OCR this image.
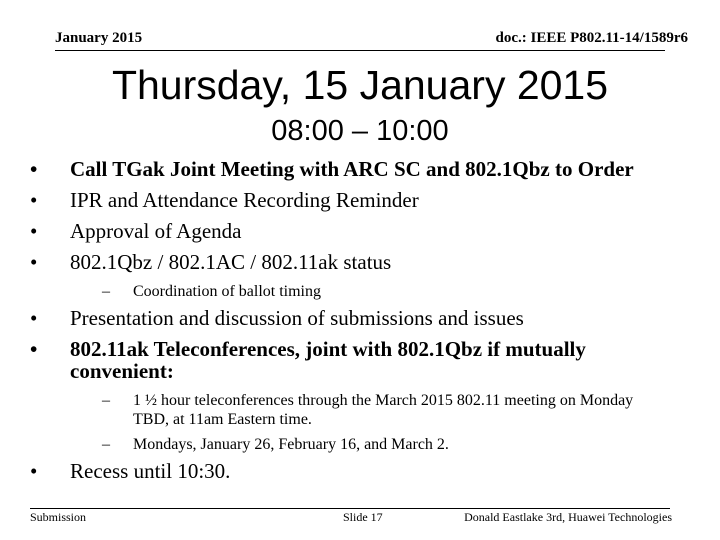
January 2015	doc.: IEEE P802.11-14/1589r6
Thursday, 15 January 2015
08:00 – 10:00
• Call TGak Joint Meeting with ARC SC and 802.1Qbz to Order
• IPR and Attendance Recording Reminder
• Approval of Agenda
• 802.1Qbz / 802.1AC / 802.11ak status
– Coordination of ballot timing
• Presentation and discussion of submissions and issues
• 802.11ak Teleconferences, joint with 802.1Qbz if mutually convenient:
– 1 ½ hour teleconferences through the March 2015 802.11 meeting on Monday TBD, at 11am Eastern time.
– Mondays, January 26, February 16, and March 2.
• Recess until 10:30.
Submission	Slide 17	Donald Eastlake 3rd, Huawei Technologies
